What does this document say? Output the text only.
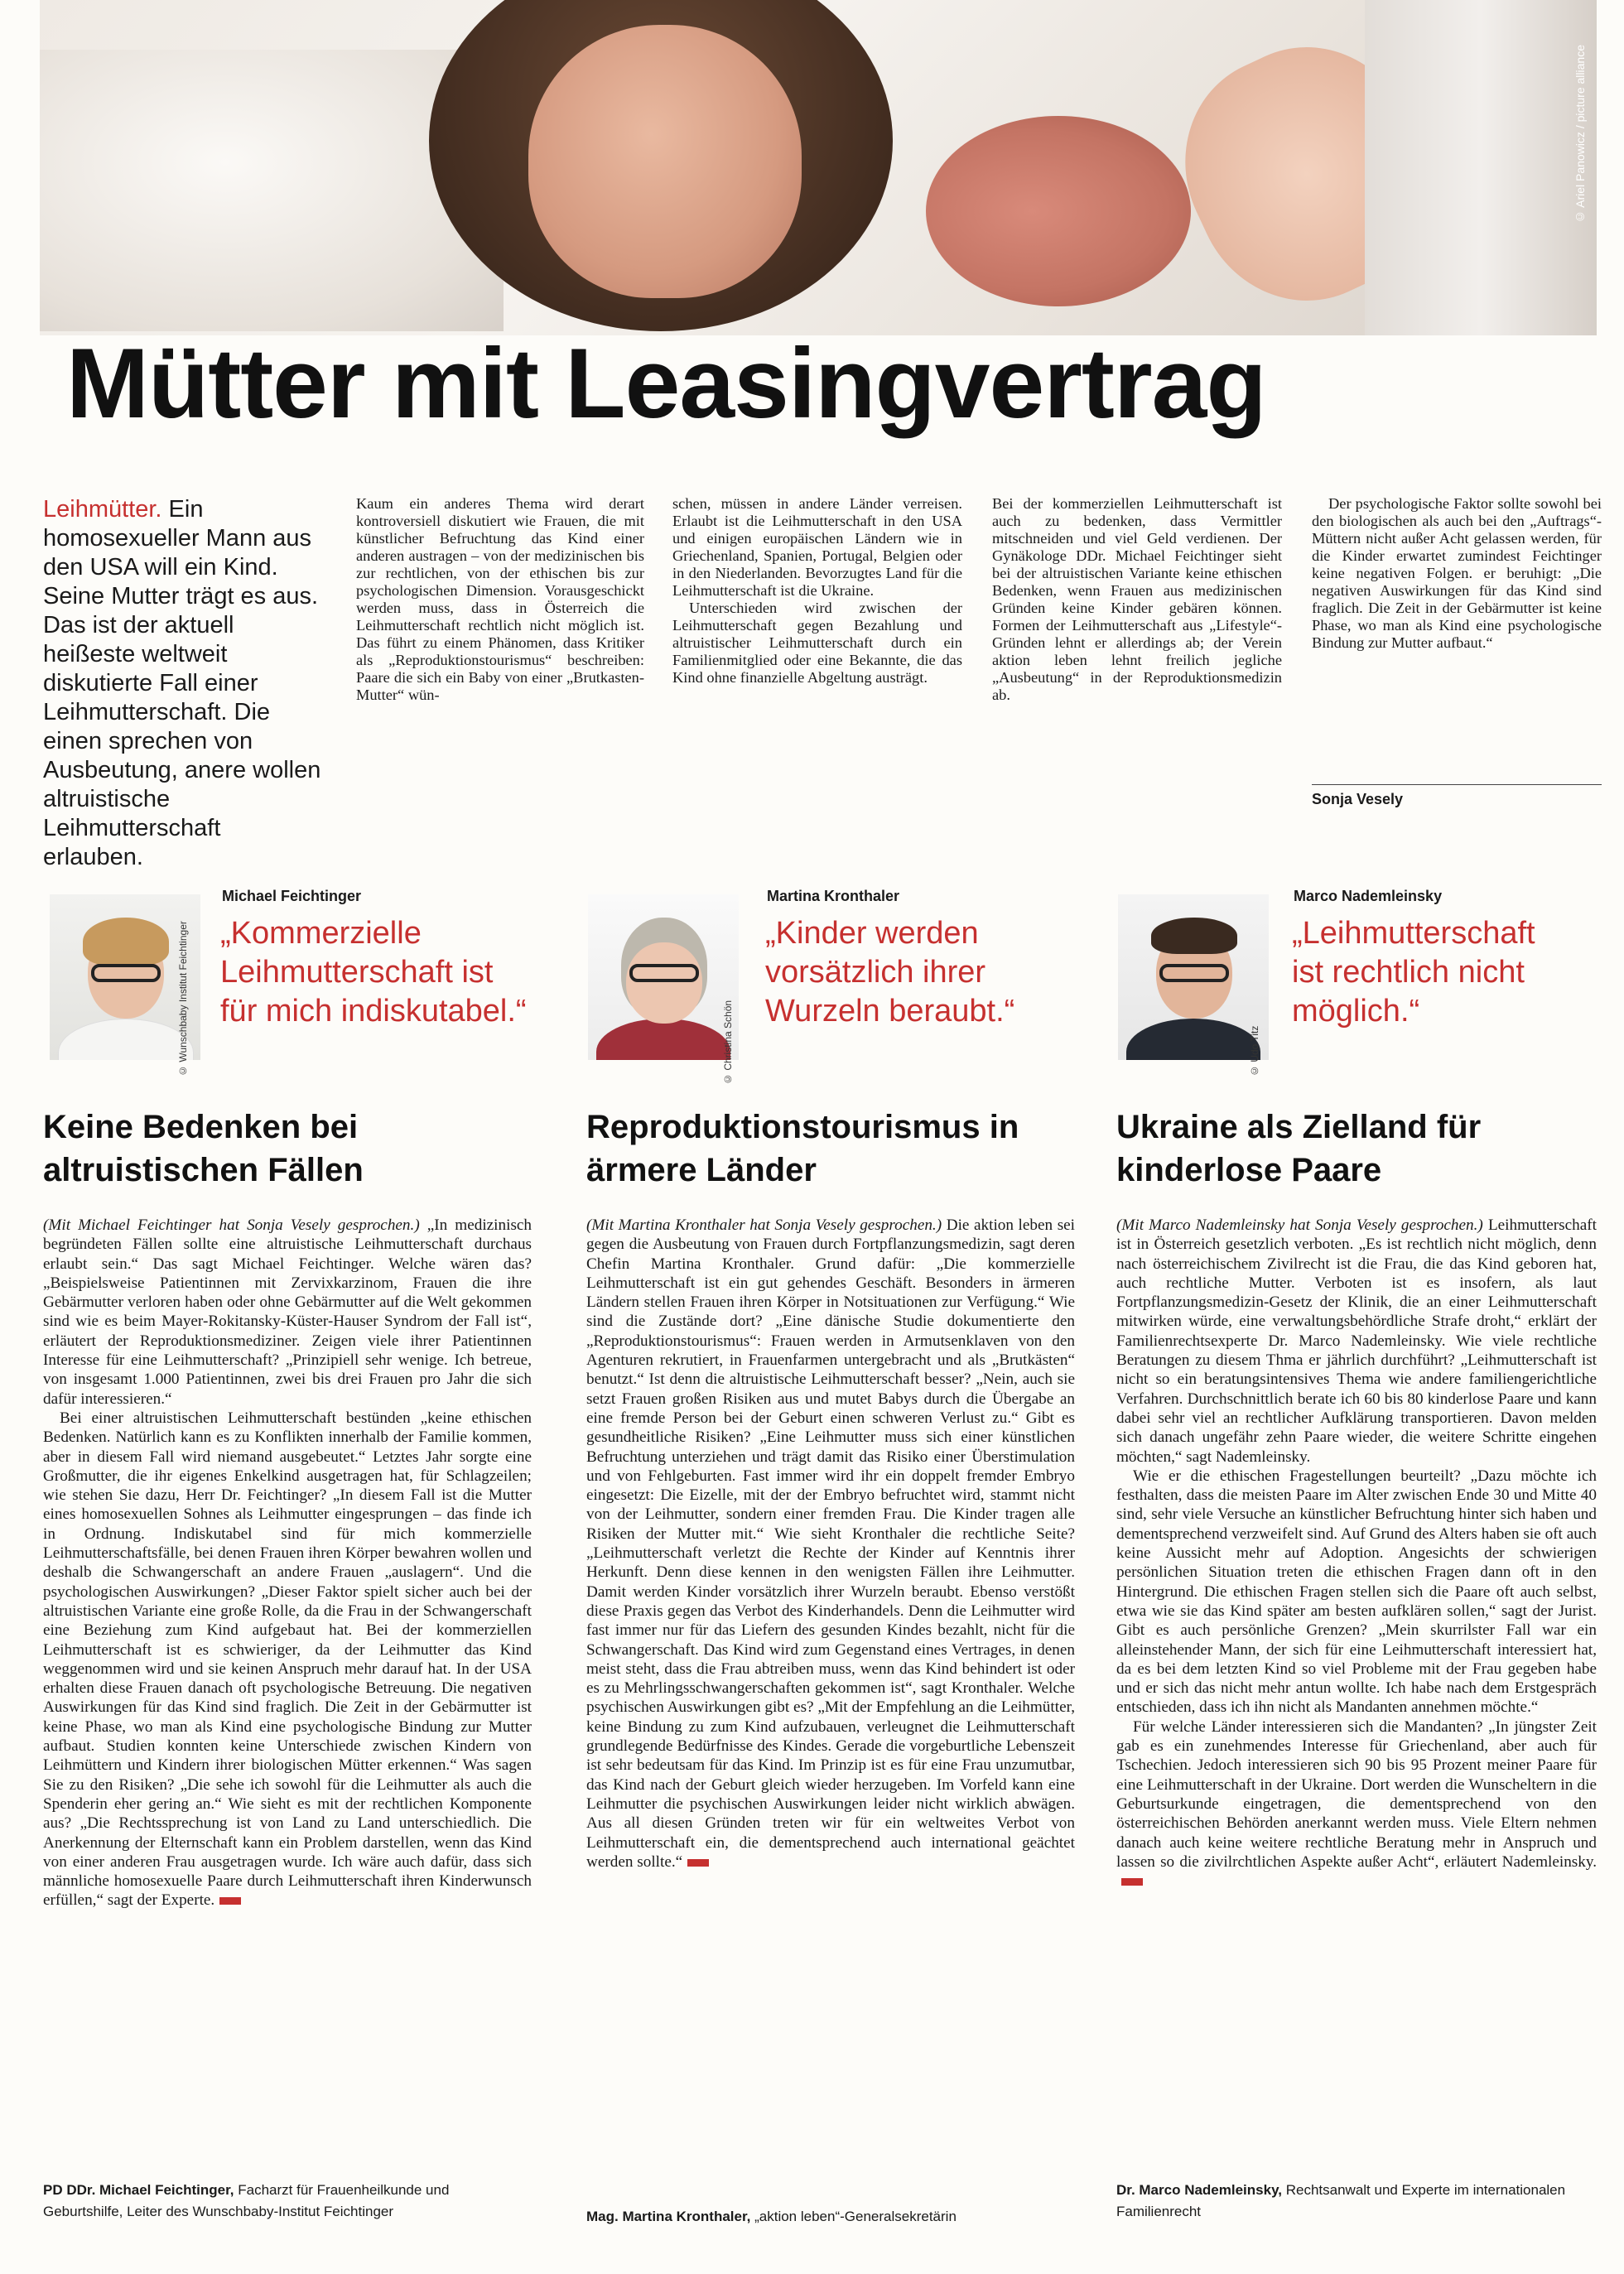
© Ariel Panowicz / picture alliance
Mütter mit Leasingvertrag
Leihmütter. Ein homosexueller Mann aus den USA will ein Kind. Seine Mutter trägt es aus. Das ist der aktuell heißeste weltweit diskutierte Fall einer Leihmutterschaft. Die einen sprechen von Ausbeutung, anere wollen altruistische Leihmutterschaft erlauben.

Kaum ein anderes Thema wird derart kontroversiell diskutiert wie Frauen, die mit künstlicher Befruchtung das Kind einer anderen austragen – von der medizinischen bis zur rechtlichen, von der ethischen bis zur psychologischen Dimension. Vorausgeschickt werden muss, dass in Österreich die Leihmutterschaft rechtlich nicht möglich ist. Das führt zu einem Phänomen, dass Kritiker als „Reproduktionstourismus“ beschreiben: Paare die sich ein Baby von einer „Brutkasten-Mutter“ wün-

schen, müssen in andere Länder verreisen. Erlaubt ist die Leihmutterschaft in den USA und einigen europäischen Ländern wie in Griechenland, Spanien, Portugal, Belgien oder in den Niederlanden. Bevorzugtes Land für die Leihmutterschaft ist die Ukraine.

Unterschieden wird zwischen der Leihmutterschaft gegen Bezahlung und altruistischer Leihmutterschaft durch ein Familienmitglied oder eine Bekannte, die das Kind ohne finanzielle Abgeltung austrägt.

Bei der kommerziellen Leihmutterschaft ist auch zu bedenken, dass Vermittler mitschneiden und viel Geld verdienen. Der Gynäkologe DDr. Michael Feichtinger sieht bei der altruistischen Variante keine ethischen Bedenken, wenn Frauen aus medizinischen Gründen keine Kinder gebären können. Formen der Leihmutterschaft aus „Lifestyle“-Gründen lehnt er allerdings ab; der Verein aktion leben lehnt freilich jegliche „Ausbeutung“ in der Reproduktionsmedizin ab.

Der psychologische Faktor sollte sowohl bei den biologischen als auch bei den „Auftrags“-Müttern nicht außer Acht gelassen werden, für die Kinder erwartet zumindest Feichtinger keine negativen Folgen. er beruhigt: „Die negativen Auswirkungen für das Kind sind fraglich. Die Zeit in der Gebärmutter ist keine Phase, wo man als Kind eine psychologische Bindung zur Mutter aufbaut.“

Sonja Vesely
© Wunschbaby Institut Feichtinger
Michael Feichtinger
„Kommerzielle Leihmutterschaft ist für mich indiskutabel.“	© Christina Schön
Martina Kronthaler
„Kinder werden vorsätzlich ihrer Wurzeln beraubt.“
© Udo Titz
Marco Nademleinsky
„Leihmutterschaft ist rechtlich nicht möglich.“
Keine Bedenken bei altruistischen Fällen

(Mit Michael Feichtinger hat Sonja Vesely gesprochen.) „In medizinisch begründeten Fällen sollte eine altruistische Leihmutterschaft durchaus erlaubt sein.“ Das sagt Michael Feichtinger. Welche wären das? „Beispielsweise Patientinnen mit Zervixkarzinom, Frauen die ihre Gebärmutter verloren haben oder ohne Gebärmutter auf die Welt gekommen sind wie es beim Mayer-Rokitansky-Küster-Hauser Syndrom der Fall ist“, erläutert der Reproduktionsmediziner. Zeigen viele ihrer Patientinnen Interesse für eine Leihmutterschaft? „Prinzipiell sehr wenige. Ich betreue, von insgesamt 1.000 Patientinnen, zwei bis drei Frauen pro Jahr die sich dafür interessieren.“

Bei einer altruistischen Leihmutterschaft bestünden „keine ethischen Bedenken. Natürlich kann es zu Konflikten innerhalb der Familie kommen, aber in diesem Fall wird niemand ausgebeutet.“ Letztes Jahr sorgte eine Großmutter, die ihr eigenes Enkelkind ausgetragen hat, für Schlagzeilen; wie stehen Sie dazu, Herr Dr. Feichtinger? „In diesem Fall ist die Mutter eines homosexuellen Sohnes als Leihmutter eingesprungen – das finde ich in Ordnung. Indiskutabel sind für mich kommerzielle Leihmutterschaftsfälle, bei denen Frauen ihren Körper bewahren wollen und deshalb die Schwangerschaft an andere Frauen „auslagern“. Und die psychologischen Auswirkungen? „Dieser Faktor spielt sicher auch bei der altruistischen Variante eine große Rolle, da die Frau in der Schwangerschaft eine Beziehung zum Kind aufgebaut hat. Bei der kommerziellen Leihmutterschaft ist es schwieriger, da der Leihmutter das Kind weggenommen wird und sie keinen Anspruch mehr darauf hat. In der USA erhalten diese Frauen danach oft psychologische Betreuung. Die negativen Auswirkungen für das Kind sind fraglich. Die Zeit in der Gebärmutter ist keine Phase, wo man als Kind eine psychologische Bindung zur Mutter aufbaut. Studien konnten keine Unterschiede zwischen Kindern von Leihmüttern und Kindern ihrer biologischen Mütter erkennen.“ Was sagen Sie zu den Risiken? „Die sehe ich sowohl für die Leihmutter als auch die Spenderin eher gering an.“ Wie sieht es mit der rechtlichen Komponente aus? „Die Rechtssprechung ist von Land zu Land unterschiedlich. Die Anerkennung der Elternschaft kann ein Problem darstellen, wenn das Kind von einer anderen Frau ausgetragen wurde. Ich wäre auch dafür, dass sich männliche homosexuelle Paare durch Leihmutterschaft ihren Kinderwunsch erfüllen,“ sagt der Experte.

PD DDr. Michael Feichtinger, Facharzt für Frauenheilkunde und Geburtshilfe, Leiter des Wunschbaby-Institut Feichtinger
Reproduktionstourismus in ärmere Länder

(Mit Martina Kronthaler hat Sonja Vesely gesprochen.) Die aktion leben sei gegen die Ausbeutung von Frauen durch Fortpflanzungsmedizin, sagt deren Chefin Martina Kronthaler. Grund dafür: „Die kommerzielle Leihmutterschaft ist ein gut gehendes Geschäft. Besonders in ärmeren Ländern stellen Frauen ihren Körper in Notsituationen zur Verfügung.“ Wie sind die Zustände dort? „Eine dänische Studie dokumentierte den „Reproduktionstourismus“: Frauen werden in Armutsenklaven von den Agenturen rekrutiert, in Frauenfarmen untergebracht und als „Brutkästen“ benutzt.“ Ist denn die altruistische Leihmutterschaft besser? „Nein, auch sie setzt Frauen großen Risiken aus und mutet Babys durch die Übergabe an eine fremde Person bei der Geburt einen schweren Verlust zu.“ Gibt es gesundheitliche Risiken? „Eine Leihmutter muss sich einer künstlichen Befruchtung unterziehen und trägt damit das Risiko einer Überstimulation und von Fehlgeburten. Fast immer wird ihr ein doppelt fremder Embryo eingesetzt: Die Eizelle, mit der der Embryo befruchtet wird, stammt nicht von der Leihmutter, sondern einer fremden Frau. Die Kinder tragen alle Risiken der Mutter mit.“ Wie sieht Kronthaler die rechtliche Seite? „Leihmutterschaft verletzt die Rechte der Kinder auf Kenntnis ihrer Herkunft. Denn diese kennen in den wenigsten Fällen ihre Leihmutter. Damit werden Kinder vorsätzlich ihrer Wurzeln beraubt. Ebenso verstößt diese Praxis gegen das Verbot des Kinderhandels. Denn die Leihmutter wird fast immer nur für das Liefern des gesunden Kindes bezahlt, nicht für die Schwangerschaft. Das Kind wird zum Gegenstand eines Vertrages, in denen meist steht, dass die Frau abtreiben muss, wenn das Kind behindert ist oder es zu Mehrlingsschwangerschaften gekommen ist“, sagt Kronthaler. Welche psychischen Auswirkungen gibt es? „Mit der Empfehlung an die Leihmütter, keine Bindung zu zum Kind aufzubauen, verleugnet die Leihmutterschaft grundlegende Bedürfnisse des Kindes. Gerade die vorgeburtliche Lebenszeit ist sehr bedeutsam für das Kind. Im Prinzip ist es für eine Frau unzumutbar, das Kind nach der Geburt gleich wieder herzugeben. Im Vorfeld kann eine Leihmutter die psychischen Auswirkungen leider nicht wirklich abwägen. Aus all diesen Gründen treten wir für ein weltweites Verbot von Leihmutterschaft ein, die dementsprechend auch international geächtet werden sollte.“

Mag. Martina Kronthaler, „aktion leben“-Generalsekretärin
Ukraine als Zielland für kinderlose Paare

(Mit Marco Nademleinsky hat Sonja Vesely gesprochen.) Leihmutterschaft ist in Österreich gesetzlich verboten. „Es ist rechtlich nicht möglich, denn nach österreichischem Zivilrecht ist die Frau, die das Kind geboren hat, auch rechtliche Mutter. Verboten ist es insofern, als laut Fortpflanzungsmedizin-Gesetz der Klinik, die an einer Leihmutterschaft mitwirken würde, eine verwaltungsbehördliche Strafe droht,“ erklärt der Familienrechtsexperte Dr. Marco Nademleinsky. Wie viele rechtliche Beratungen zu diesem Thma er jährlich durchführt? „Leihmutterschaft ist nicht so ein beratungsintensives Thema wie andere familiengerichtliche Verfahren. Durchschnittlich berate ich 60 bis 80 kinderlose Paare und kann dabei sehr viel an rechtlicher Aufklärung transportieren. Davon melden sich danach ungefähr zehn Paare wieder, die weitere Schritte eingehen möchten,“ sagt Nademleinsky.

Wie er die ethischen Fragestellungen beurteilt? „Dazu möchte ich festhalten, dass die meisten Paare im Alter zwischen Ende 30 und Mitte 40 sind, sehr viele Versuche an künstlicher Befruchtung hinter sich haben und dementsprechend verzweifelt sind. Auf Grund des Alters haben sie oft auch keine Aussicht mehr auf Adoption. Angesichts der schwierigen persönlichen Situation treten die ethischen Fragen dann oft in den Hintergrund. Die ethischen Fragen stellen sich die Paare oft auch selbst, etwa wie sie das Kind später am besten aufklären sollen,“ sagt der Jurist. Gibt es auch persönliche Grenzen? „Mein skurrilster Fall war ein alleinstehender Mann, der sich für eine Leihmutterschaft interessiert hat, da es bei dem letzten Kind so viel Probleme mit der Frau gegeben habe und er sich das nicht mehr antun wollte. Ich habe nach dem Erstgespräch entschieden, dass ich ihn nicht als Mandanten annehmen möchte.“

Für welche Länder interessieren sich die Mandanten? „In jüngster Zeit gab es ein zunehmendes Interesse für Griechenland, aber auch für Tschechien. Jedoch interessieren sich 90 bis 95 Prozent meiner Paare für eine Leihmutterschaft in der Ukraine. Dort werden die Wunscheltern in die Geburtsurkunde eingetragen, die dementsprechend von den österreichischen Behörden anerkannt werden muss. Viele Eltern nehmen danach auch keine weitere rechtliche Beratung mehr in Anspruch und lassen so die zivilrchtlichen Aspekte außer Acht“, erläutert Nademleinsky.

Dr. Marco Nademleinsky, Rechtsanwalt und Experte im internationalen Familienrecht
